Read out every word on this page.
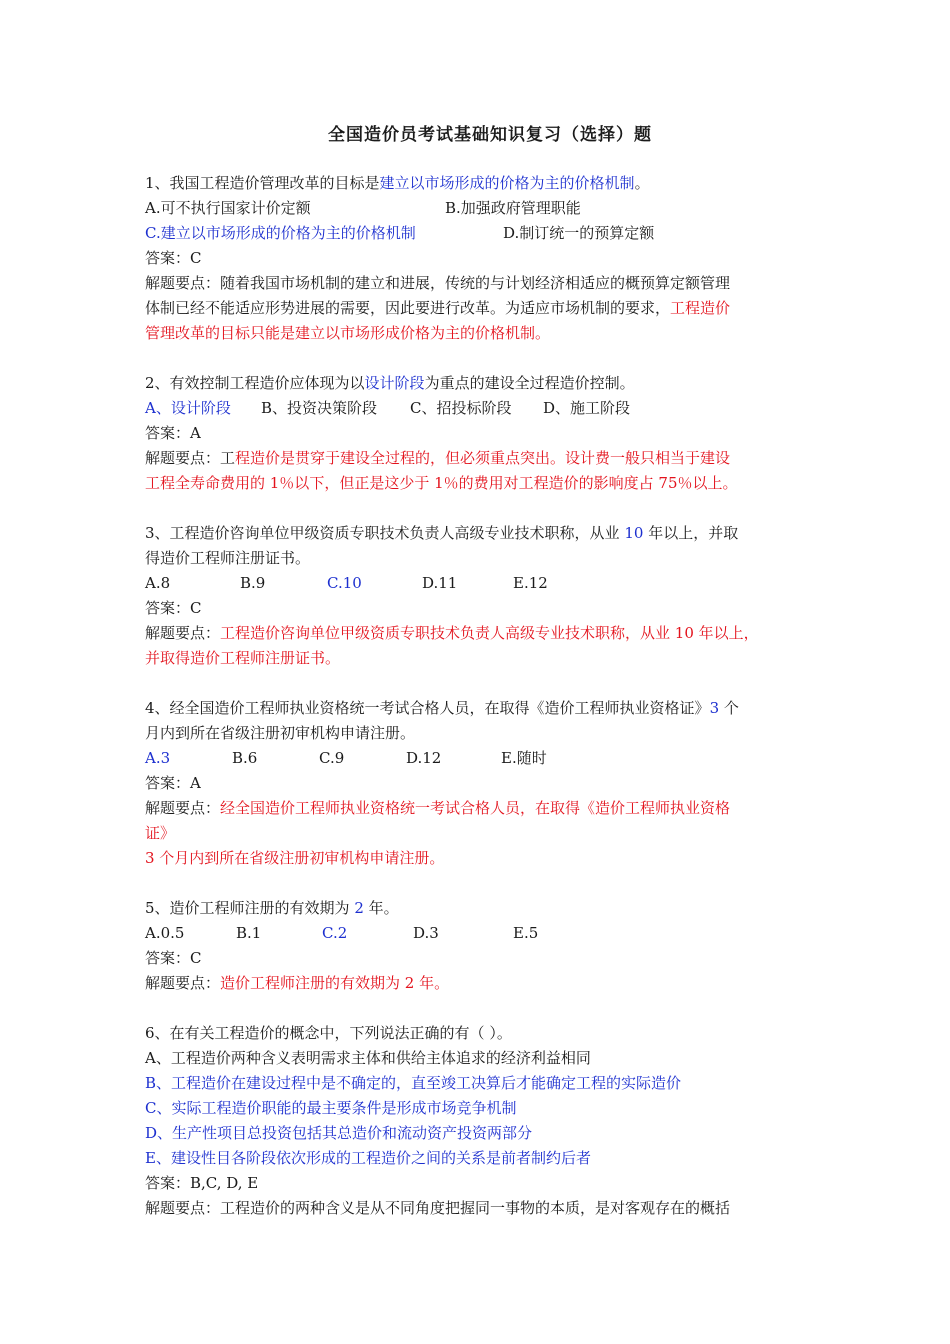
全国造价员考试基础知识复习（选择）题
1、我国工程造价管理改革的目标是建立以市场形成的价格为主的价格机制。
A.可不执行国家计价定额	B.加强政府管理职能
C.建立以市场形成的价格为主的价格机制	D.制订统一的预算定额
答案：C
解题要点：随着我国市场机制的建立和进展，传统的与计划经济相适应的概预算定额管理
体制已经不能适应形势进展的需要，因此要进行改革。为适应市场机制的要求，工程造价
管理改革的目标只能是建立以市场形成价格为主的价格机制。
2、有效控制工程造价应体现为以设计阶段为重点的建设全过程造价控制。
A、设计阶段	B、投资决策阶段	C、招投标阶段	D、施工阶段
答案：A
解题要点：工程造价是贯穿于建设全过程的，但必须重点突出。设计费一般只相当于建设
工程全寿命费用的 1％以下，但正是这少于 1％的费用对工程造价的影响度占 75％以上。
3、工程造价咨询单位甲级资质专职技术负责人高级专业技术职称，从业 10 年以上，并取
得造价工程师注册证书。
A.8	B.9	C.10	D.11	E.12
答案：C
解题要点：工程造价咨询单位甲级资质专职技术负责人高级专业技术职称，从业 10 年以上，
并取得造价工程师注册证书。
4、经全国造价工程师执业资格统一考试合格人员，在取得《造价工程师执业资格证》3 个
月内到所在省级注册初审机构申请注册。
A.3	B.6	C.9	D.12	E.随时
答案：A
解题要点：经全国造价工程师执业资格统一考试合格人员，在取得《造价工程师执业资格
证》
3 个月内到所在省级注册初审机构申请注册。
5、造价工程师注册的有效期为 2 年。
A.0.5	B.1	C.2	D.3	E.5
答案：C
解题要点：造价工程师注册的有效期为 2 年。
6、在有关工程造价的概念中，下列说法正确的有（ ）。
A、工程造价两种含义表明需求主体和供给主体追求的经济利益相同
B、工程造价在建设过程中是不确定的，直至竣工决算后才能确定工程的实际造价
C、实际工程造价职能的最主要条件是形成市场竞争机制
D、生产性项目总投资包括其总造价和流动资产投资两部分
E、建设性目各阶段依次形成的工程造价之间的关系是前者制约后者
答案：B,C, D, E
解题要点：工程造价的两种含义是从不同角度把握同一事物的本质，是对客观存在的概括
